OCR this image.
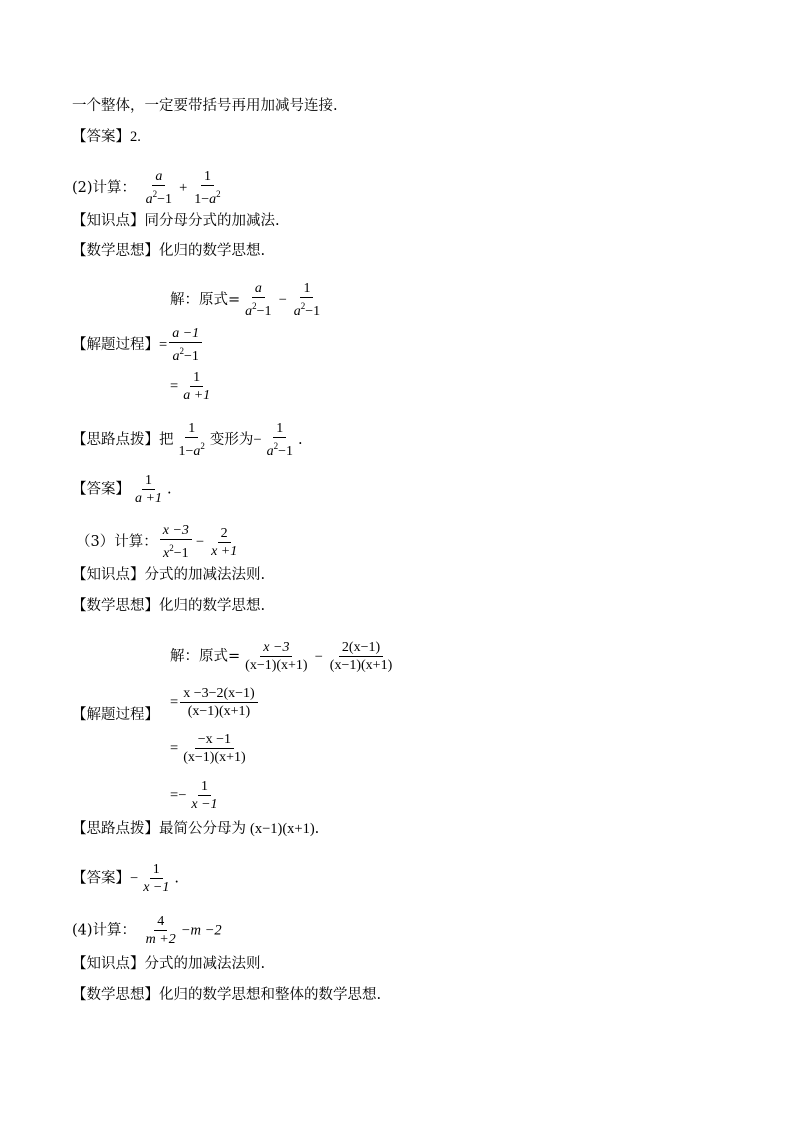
一个整体，一定要带括号再用加减号连接.
【答案】2.
(2)计算： $\frac{a}{a^2-1} + \frac{1}{1-a^2}$
【知识点】同分母分式的加减法.
【数学思想】化归的数学思想.
解：原式= $\frac{a}{a^2-1} - \frac{1}{a^2-1}$
【解题过程】= $\frac{a -1}{a^2-1}$
= $\frac{1}{a +1}$
【思路点拨】把 $\frac{1}{1-a^2}$ 变形为− $\frac{1}{a^2-1}$ .
【答案】 $\frac{1}{a +1}$ .
（3）计算： $\frac{x -3}{x^2-1} - \frac{2}{x +1}$
【知识点】分式的加减法法则.
【数学思想】化归的数学思想.
解：原式= $\frac{x -3}{(x-1)(x+1)} - \frac{2(x-1)}{(x-1)(x+1)}$
= $\frac{x -3-2(x-1)}{(x-1)(x+1)}$
【解题过程】
= $\frac{-x -1}{(x-1)(x+1)}$
=− $\frac{1}{x -1}$
【思路点拨】最简公分母为 (x−1)(x+1).
【答案】− $\frac{1}{x -1}$ .
(4)计算： $\frac{4}{m +2} -m -2$
【知识点】分式的加减法法则.
【数学思想】化归的数学思想和整体的数学思想.
